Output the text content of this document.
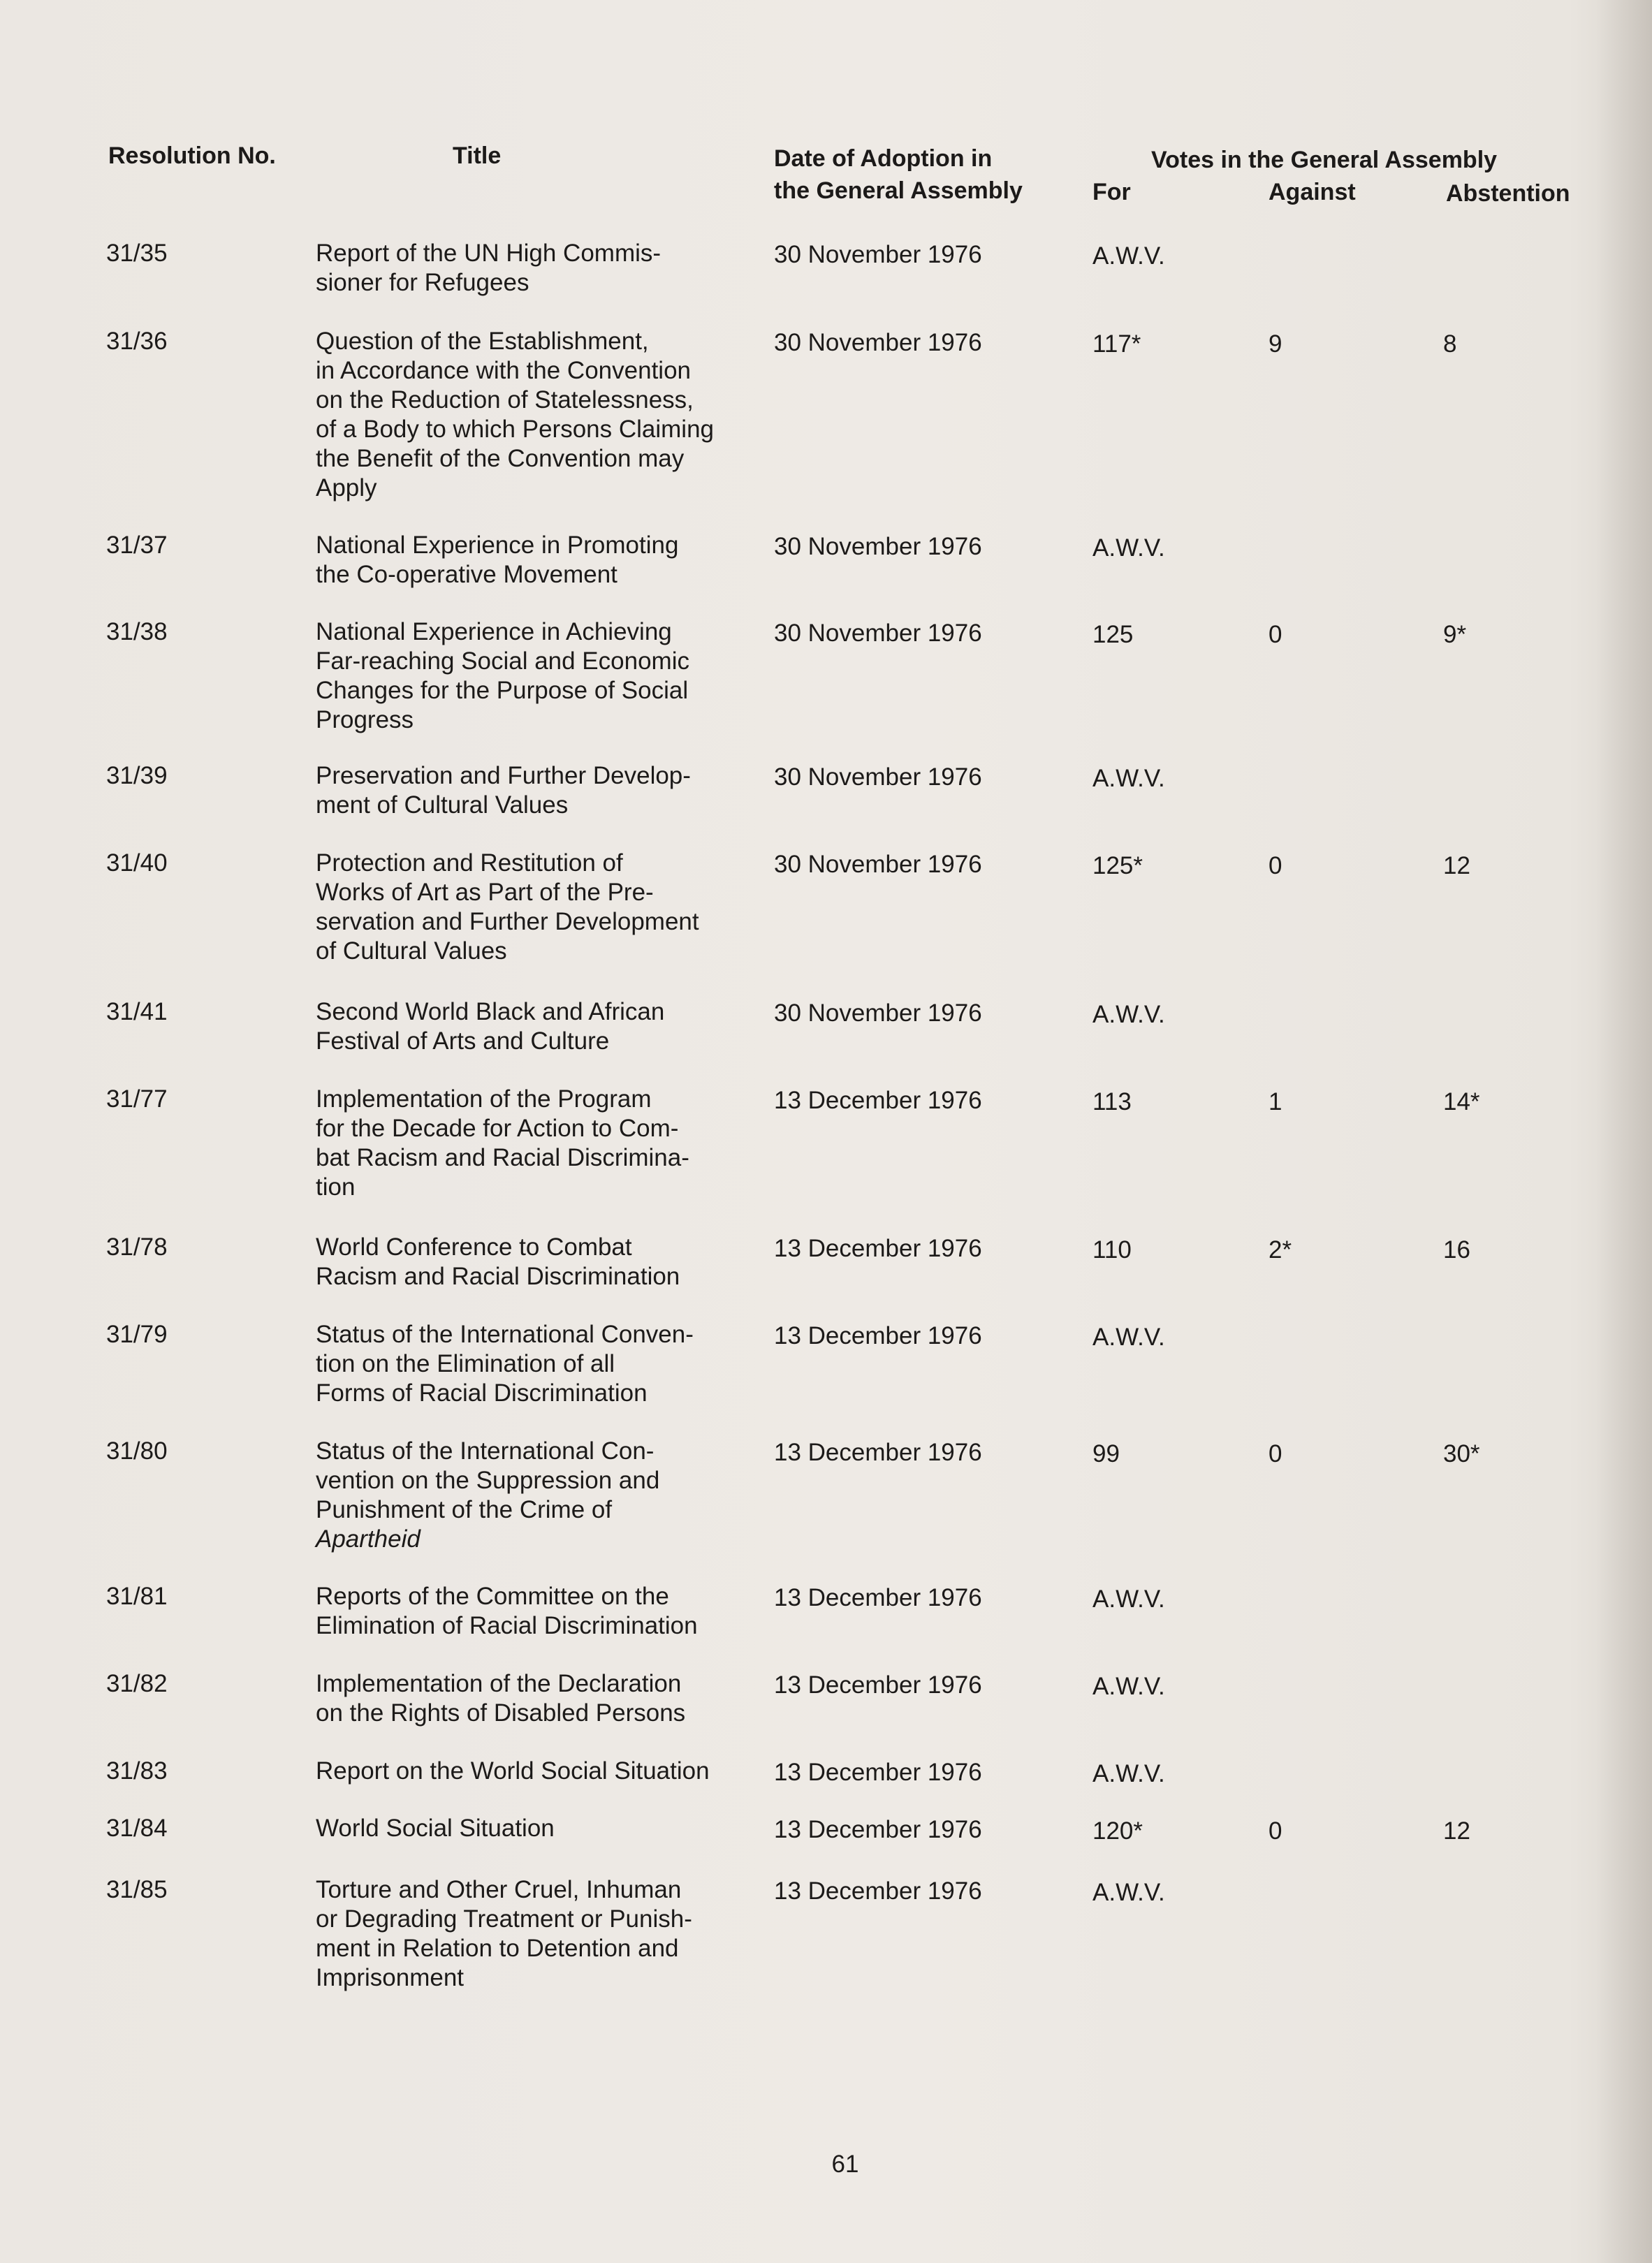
Resolution No.	Title	Date of Adoption in
the General Assembly
Votes in the General Assembly
For	Against	Abstention
31/35	Report of the UN High Commis-
sioner for Refugees
30 November 1976	A.W.V.
31/36	Question of the Establishment,
in Accordance with the Convention
on the Reduction of Statelessness,
of a Body to which Persons Claiming
the Benefit of the Convention may
Apply
30 November 1976	117*	9	8
31/37	National Experience in Promoting
the Co-operative Movement
30 November 1976	A.W.V.
31/38	National Experience in Achieving
Far-reaching Social and Economic
Changes for the Purpose of Social
Progress
30 November 1976	125	0	9*
31/39	Preservation and Further Develop-
ment of Cultural Values
30 November 1976	A.W.V.
31/40	Protection and Restitution of
Works of Art as Part of the Pre-
servation and Further Development
of Cultural Values
30 November 1976	125*	0	12
31/41	Second World Black and African
Festival of Arts and Culture
30 November 1976	A.W.V.
31/77	Implementation of the Program
for the Decade for Action to Com-
bat Racism and Racial Discrimina-
tion
13 December 1976	113	1	14*
31/78	World Conference to Combat
Racism and Racial Discrimination
13 December 1976	110	2*	16
31/79	Status of the International Conven-
tion on the Elimination of all
Forms of Racial Discrimination
13 December 1976	A.W.V.
31/80	Status of the International Con-
vention on the Suppression and
Punishment of the Crime of
Apartheid
13 December 1976	99	0	30*
31/81	Reports of the Committee on the
Elimination of Racial Discrimination
13 December 1976	A.W.V.
31/82	Implementation of the Declaration
on the Rights of Disabled Persons
13 December 1976	A.W.V.
31/83	Report on the World Social Situation	13 December 1976	A.W.V.
31/84	World Social Situation	13 December 1976	120*	0	12
31/85	Torture and Other Cruel, Inhuman
or Degrading Treatment or Punish-
ment in Relation to Detention and
Imprisonment
13 December 1976	A.W.V.
61
